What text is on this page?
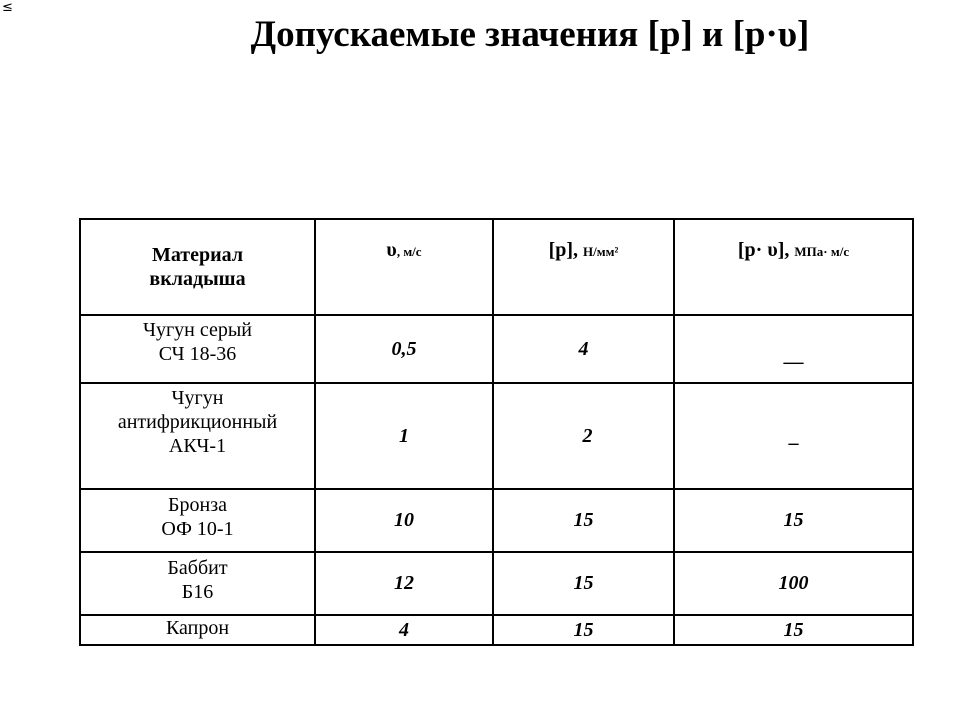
≤
Допускаемые значения [p] и [p·υ]
Материал
вкладыша	υ, м/с	[p], Н/мм²	[p· υ], МПа· м/с

Чугун серый
СЧ 18-36	0,5	4	—

Чугун
антифрикционный
АКЧ-1	1	2	–

Бронза
ОФ 10-1	10	15	15

Баббит
Б16	12	15	100

Капрон	4	15	15
